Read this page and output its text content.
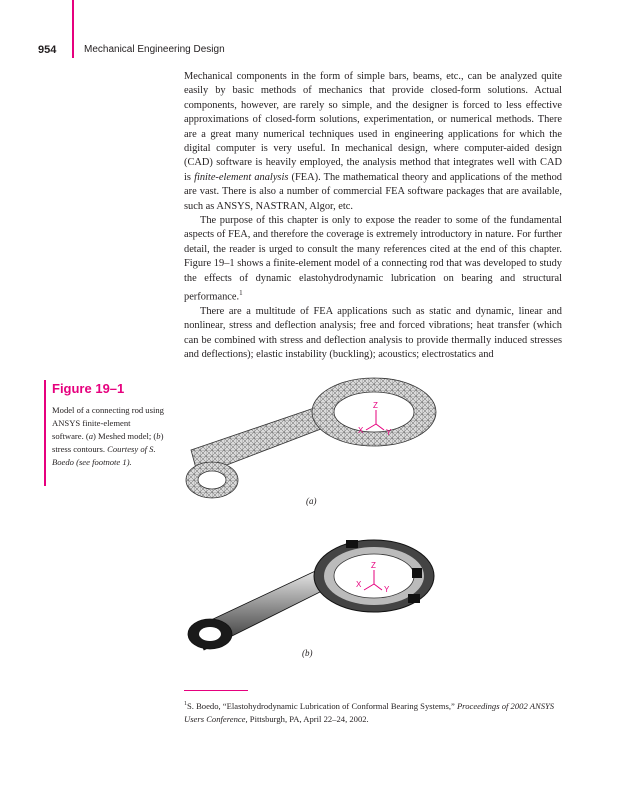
954	Mechanical Engineering Design

Mechanical components in the form of simple bars, beams, etc., can be analyzed quite easily by basic methods of mechanics that provide closed-form solutions. Actual components, however, are rarely so simple, and the designer is forced to less effective approximations of closed-form solutions, experimentation, or numerical methods. There are a great many numerical techniques used in engineering applications for which the digital computer is very useful. In mechanical design, where computer-aided design (CAD) software is heavily employed, the analysis method that integrates well with CAD is finite-element analysis (FEA). The mathematical theory and applications of the method are vast. There is also a number of commercial FEA software packages that are available, such as ANSYS, NASTRAN, Algor, etc.

The purpose of this chapter is only to expose the reader to some of the fundamental aspects of FEA, and therefore the coverage is extremely introductory in nature. For further detail, the reader is urged to consult the many references cited at the end of this chapter. Figure 19–1 shows a finite-element model of a connecting rod that was developed to study the effects of dynamic elastohydrodynamic lubrication on bearing and structural performance.$^1$

There are a multitude of FEA applications such as static and dynamic, linear and nonlinear, stress and deflection analysis; free and forced vibrations; heat transfer (which can be combined with stress and deflection analysis to provide thermally induced stresses and deflections); elastic instability (buckling); acoustics; electrostatics and

Figure 19–1
Model of a connecting rod using ANSYS finite-element software. (a) Meshed model; (b) stress contours. Courtesy of S. Boedo (see footnote 1).
Z
X	Y
(a)
Z
X
Y
(b)
$^1$S. Boedo, “Elastohydrodynamic Lubrication of Conformal Bearing Systems,” Proceedings of 2002 ANSYS Users Conference, Pittsburgh, PA, April 22–24, 2002.
